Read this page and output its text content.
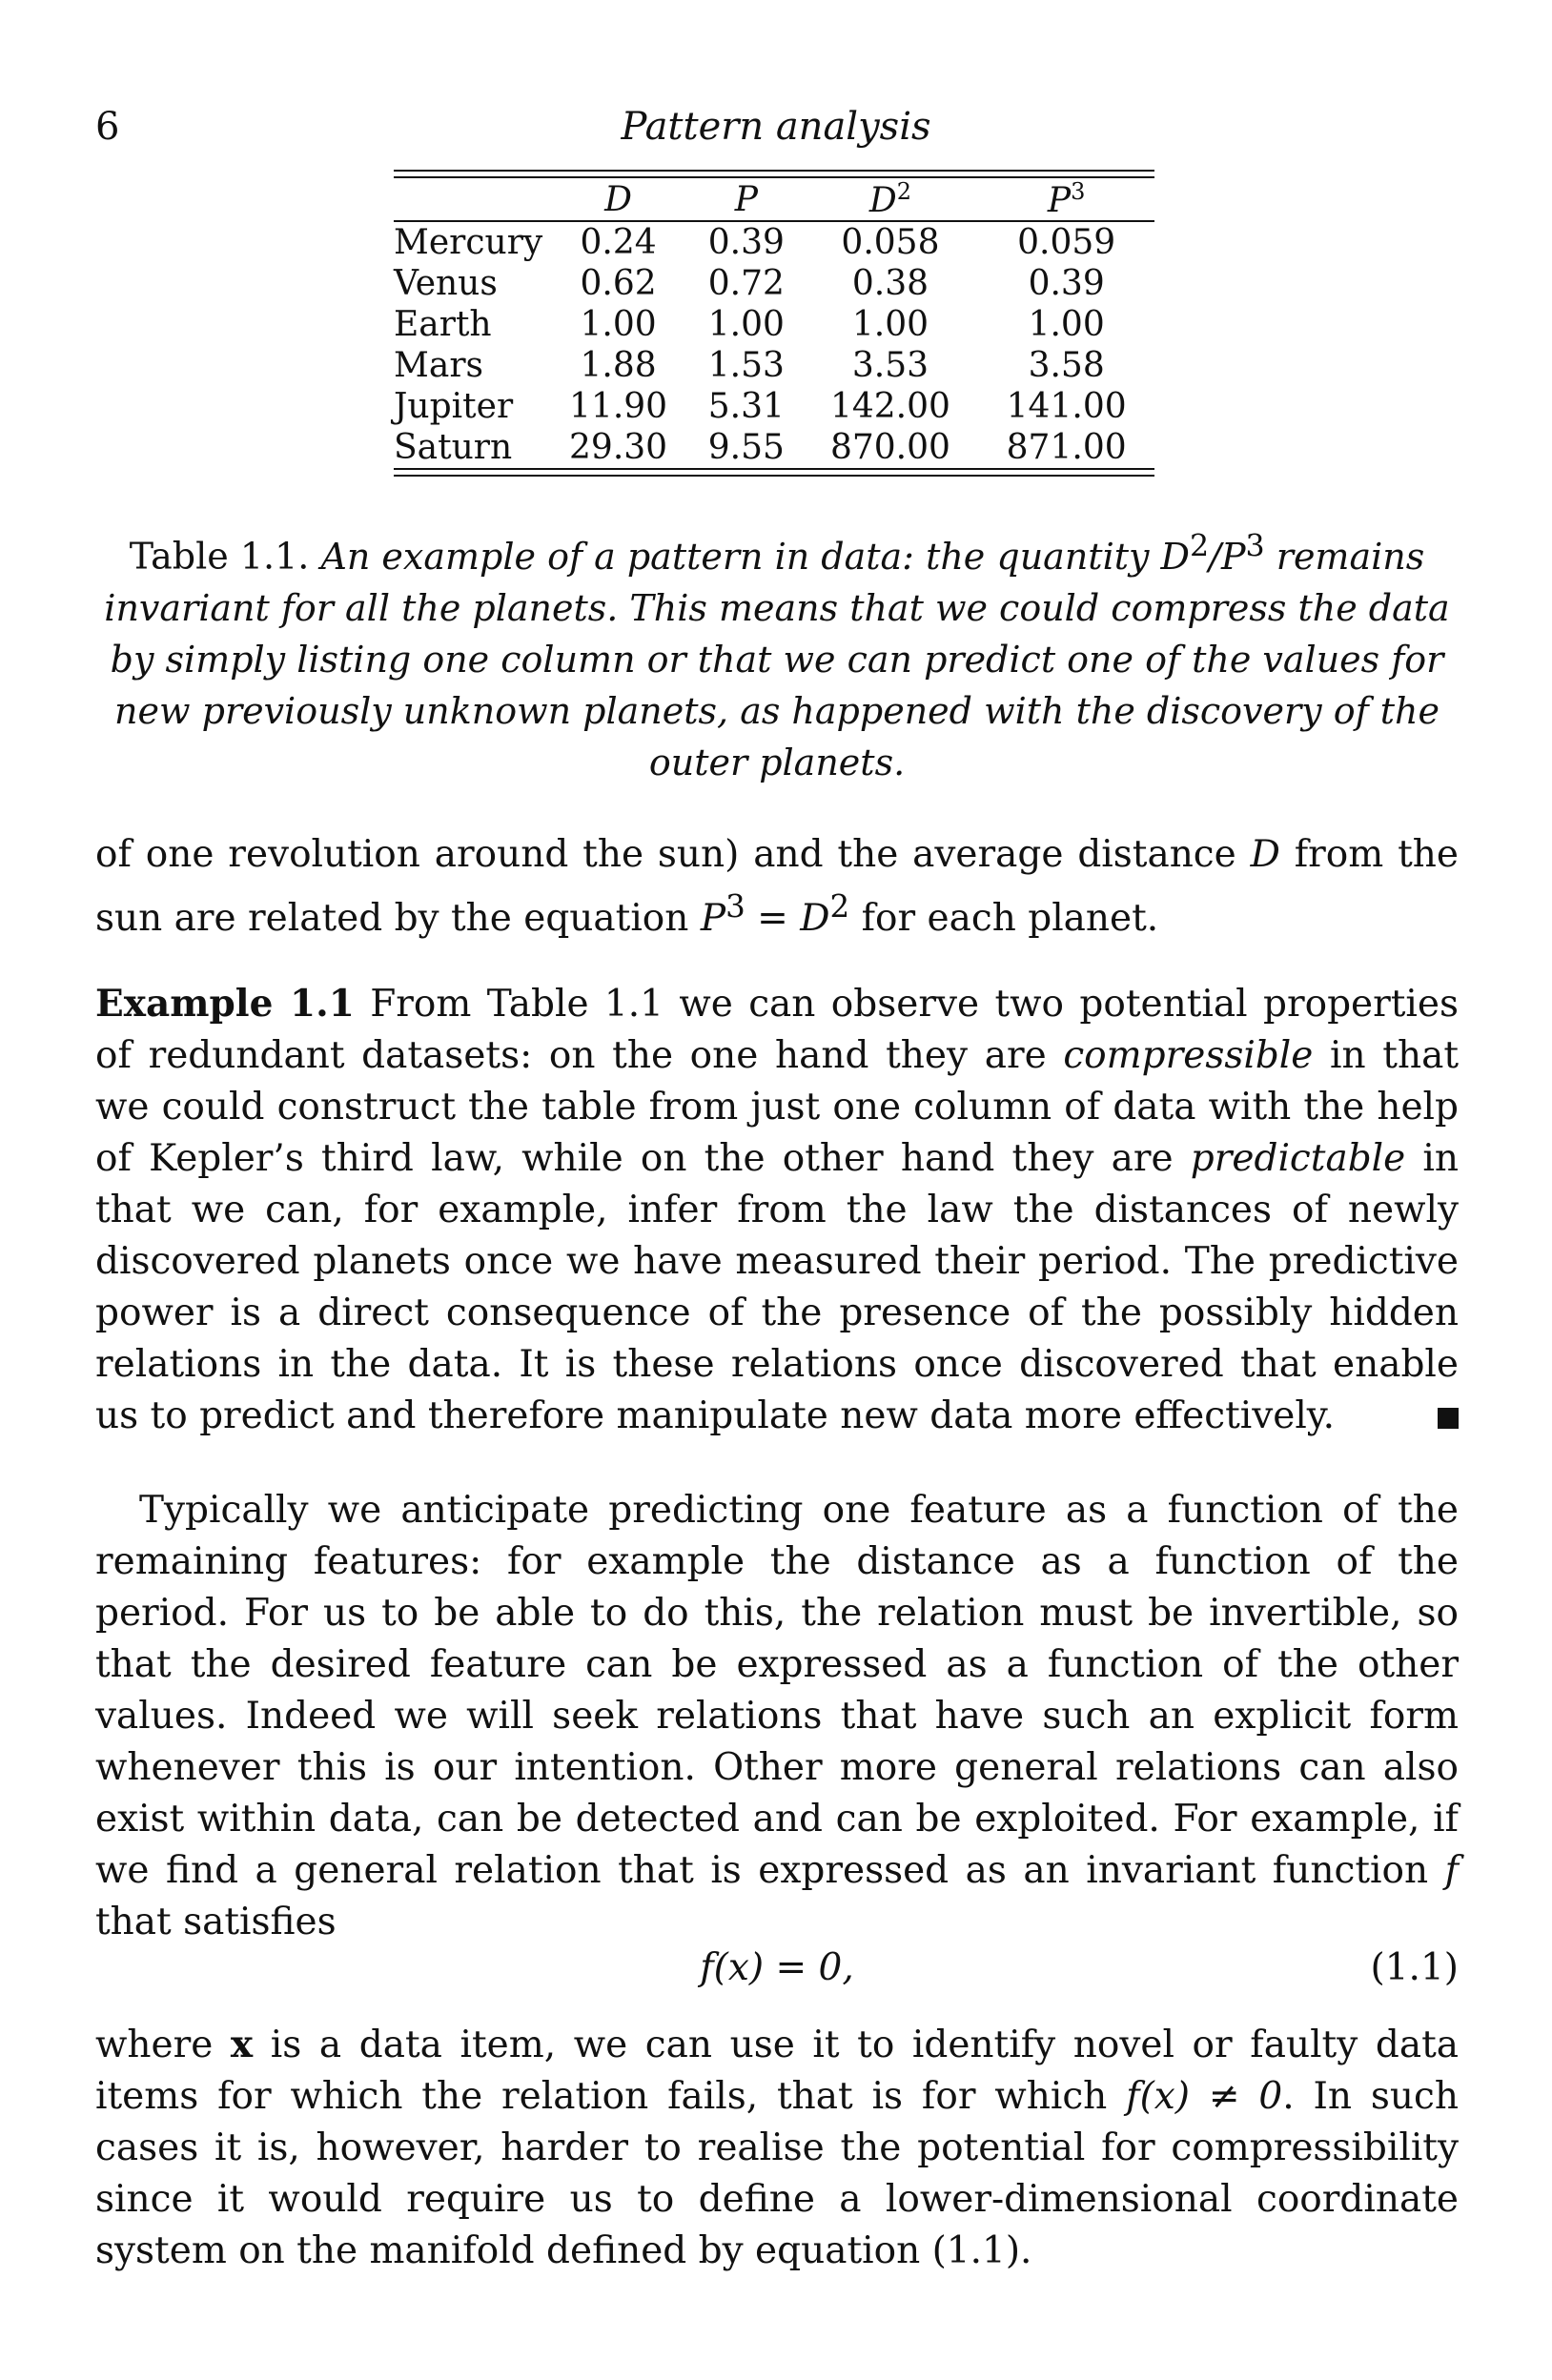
6	Pattern analysis
	D	P	$D^2$	$P^3$

Mercury	0.24	0.39	0.058	0.059
Venus	0.62	0.72	0.38	0.39
Earth	1.00	1.00	1.00	1.00
Mars	1.88	1.53	3.53	3.58
Jupiter	11.90	5.31	142.00	141.00
Saturn	29.30	9.55	870.00	871.00
Table 1.1. An example of a pattern in data: the quantity $D^2/P^3$ remains invariant for all the planets. This means that we could compress the data by simply listing one column or that we can predict one of the values for new previously unknown planets, as happened with the discovery of the outer planets.
of one revolution around the sun) and the average distance D from the sun are related by the equation $P^3 = D^2$ for each planet.
Example 1.1 From Table 1.1 we can observe two potential properties of redundant datasets: on the one hand they are compressible in that we could construct the table from just one column of data with the help of Kepler’s third law, while on the other hand they are predictable in that we can, for example, infer from the law the distances of newly discovered planets once we have measured their period. The predictive power is a direct consequence of the presence of the possibly hidden relations in the data. It is these relations once discovered that enable us to predict and therefore manipulate new data more effectively.
Typically we anticipate predicting one feature as a function of the remaining features: for example the distance as a function of the period. For us to be able to do this, the relation must be invertible, so that the desired feature can be expressed as a function of the other values. Indeed we will seek relations that have such an explicit form whenever this is our intention. Other more general relations can also exist within data, can be detected and can be exploited. For example, if we find a general relation that is expressed as an invariant function f that satisfies
f(x) = 0,	(1.1)
where x is a data item, we can use it to identify novel or faulty data items for which the relation fails, that is for which f(x) ≠ 0. In such cases it is, however, harder to realise the potential for compressibility since it would require us to define a lower-dimensional coordinate system on the manifold defined by equation (1.1).
